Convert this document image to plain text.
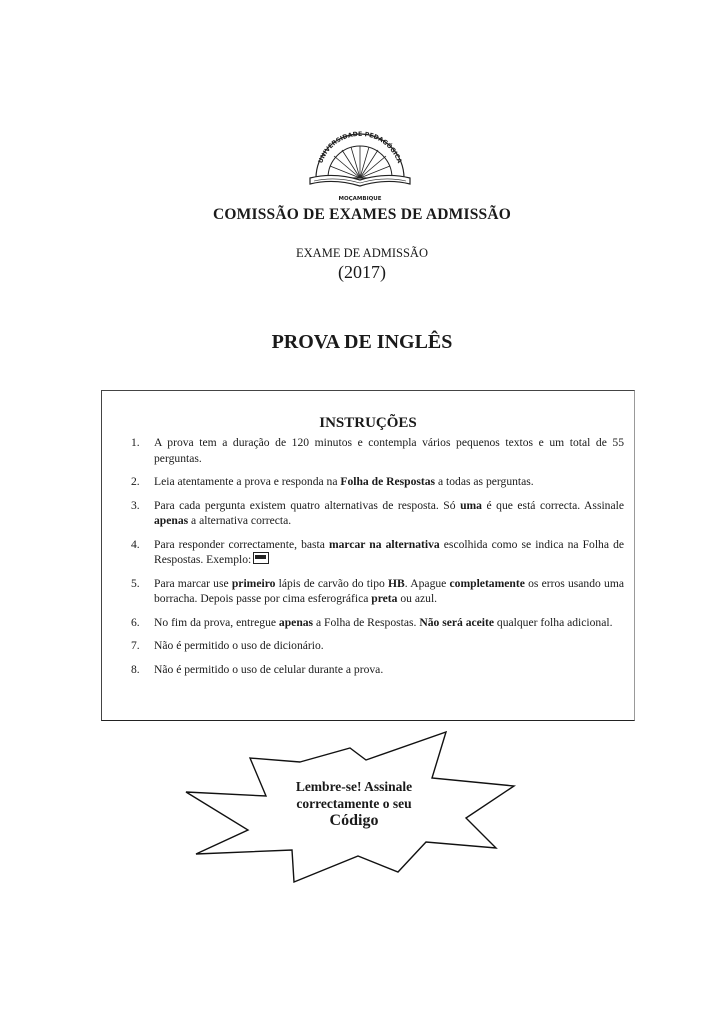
UNIVERSIDADE PEDAGÓGICA
MOÇAMBIQUE
COMISSÃO DE EXAMES DE ADMISSÃO
EXAME DE ADMISSÃO
(2017)
PROVA DE INGLÊS
INSTRUÇÕES
1. A prova tem a duração de 120 minutos e contempla vários pequenos textos e um total de 55 perguntas.
2. Leia atentamente a prova e responda na Folha de Respostas a todas as perguntas.
3. Para cada pergunta existem quatro alternativas de resposta. Só uma é que está correcta. Assinale apenas a alternativa correcta.
4. Para responder correctamente, basta marcar na alternativa escolhida como se indica na Folha de Respostas. Exemplo:
5. Para marcar use primeiro lápis de carvão do tipo HB. Apague completamente os erros usando uma borracha. Depois passe por cima esferográfica preta ou azul.
6. No fim da prova, entregue apenas a Folha de Respostas. Não será aceite qualquer folha adicional.
7. Não é permitido o uso de dicionário.
8. Não é permitido o uso de celular durante a prova.
Lembre-se! Assinale
correctamente o seu
Código
